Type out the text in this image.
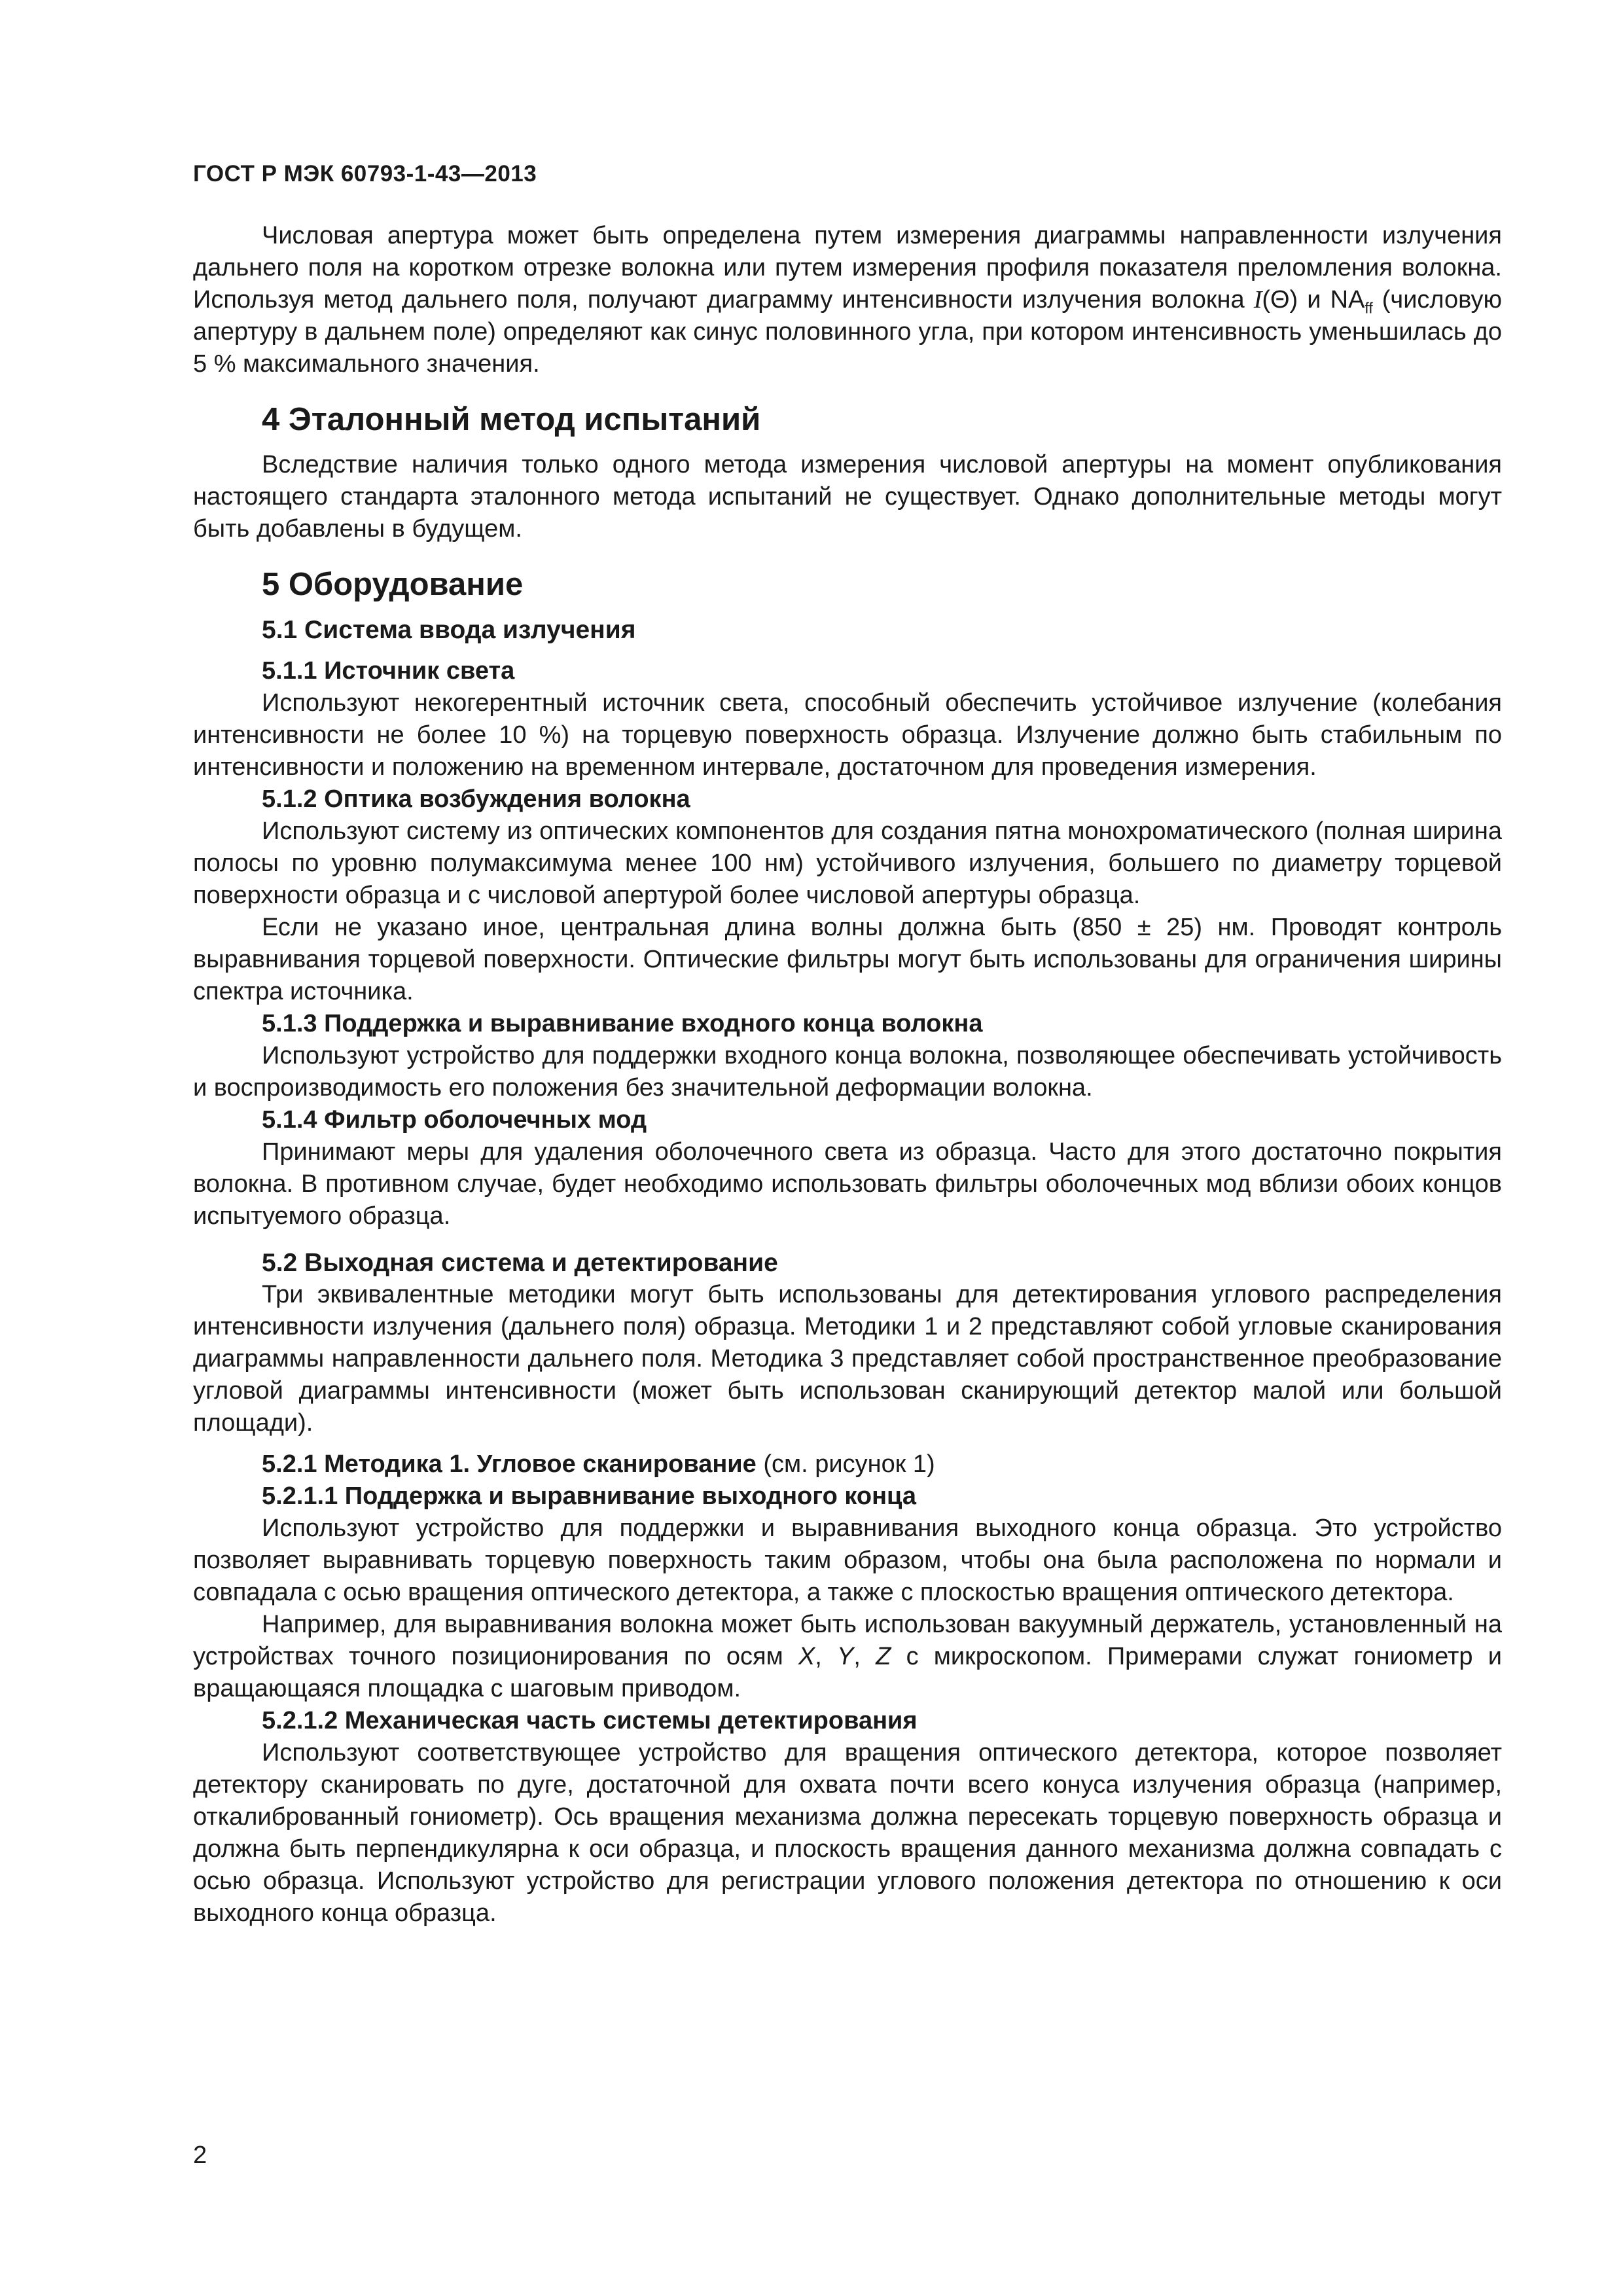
ГОСТ Р МЭК 60793-1-43—2013

Числовая апертура может быть определена путем измерения диаграммы направленности излучения дальнего поля на коротком отрезке волокна или путем измерения профиля показателя преломления волокна. Используя метод дальнего поля, получают диаграмму интенсивности излучения волокна I(Θ) и $NA_{ff}$ (числовую апертуру в дальнем поле) определяют как синус половинного угла, при котором интенсивность уменьшилась до 5 % максимального значения.

4 Эталонный метод испытаний

Вследствие наличия только одного метода измерения числовой апертуры на момент опубликования настоящего стандарта эталонного метода испытаний не существует. Однако дополнительные методы могут быть добавлены в будущем.

5 Оборудование
5.1 Система ввода излучения
5.1.1 Источник света

Используют некогерентный источник света, способный обеспечить устойчивое излучение (колебания интенсивности не более 10 %) на торцевую поверхность образца. Излучение должно быть стабильным по интенсивности и положению на временном интервале, достаточном для проведения измерения.

5.1.2 Оптика возбуждения волокна

Используют систему из оптических компонентов для создания пятна монохроматического (полная ширина полосы по уровню полумаксимума менее 100 нм) устойчивого излучения, большего по диаметру торцевой поверхности образца и с числовой апертурой более числовой апертуры образца.

Если не указано иное, центральная длина волны должна быть (850 ± 25) нм. Проводят контроль выравнивания торцевой поверхности. Оптические фильтры могут быть использованы для ограничения ширины спектра источника.

5.1.3 Поддержка и выравнивание входного конца волокна

Используют устройство для поддержки входного конца волокна, позволяющее обеспечивать устойчивость и воспроизводимость его положения без значительной деформации волокна.

5.1.4 Фильтр оболочечных мод

Принимают меры для удаления оболочечного света из образца. Часто для этого достаточно покрытия волокна. В противном случае, будет необходимо использовать фильтры оболочечных мод вблизи обоих концов испытуемого образца.

5.2 Выходная система и детектирование

Три эквивалентные методики могут быть использованы для детектирования углового распределения интенсивности излучения (дальнего поля) образца. Методики 1 и 2 представляют собой угловые сканирования диаграммы направленности дальнего поля. Методика 3 представляет собой пространственное преобразование угловой диаграммы интенсивности (может быть использован сканирующий детектор малой или большой площади).

5.2.1 Методика 1. Угловое сканирование (см. рисунок 1)
5.2.1.1 Поддержка и выравнивание выходного конца

Используют устройство для поддержки и выравнивания выходного конца образца. Это устройство позволяет выравнивать торцевую поверхность таким образом, чтобы она была расположена по нормали и совпадала с осью вращения оптического детектора, а также с плоскостью вращения оптического детектора.

Например, для выравнивания волокна может быть использован вакуумный держатель, установленный на устройствах точного позиционирования по осям X, Y, Z с микроскопом. Примерами служат гониометр и вращающаяся площадка с шаговым приводом.

5.2.1.2 Механическая часть системы детектирования

Используют соответствующее устройство для вращения оптического детектора, которое позволяет детектору сканировать по дуге, достаточной для охвата почти всего конуса излучения образца (например, откалиброванный гониометр). Ось вращения механизма должна пересекать торцевую поверхность образца и должна быть перпендикулярна к оси образца, и плоскость вращения данного механизма должна совпадать с осью образца. Используют устройство для регистрации углового положения детектора по отношению к оси выходного конца образца.

2
